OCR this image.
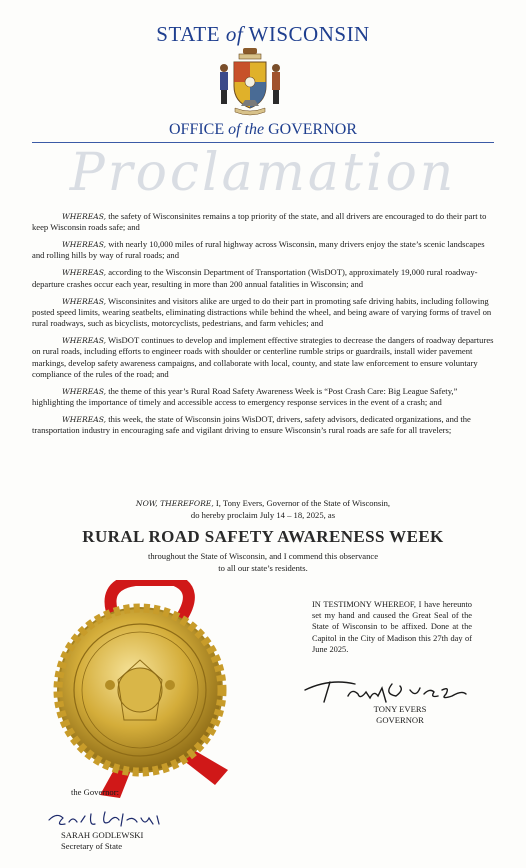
STATE of WISCONSIN
OFFICE of the GOVERNOR
Proclamation

WHEREAS, the safety of Wisconsinites remains a top priority of the state, and all drivers are encouraged to do their part to keep Wisconsin roads safe; and

WHEREAS, with nearly 10,000 miles of rural highway across Wisconsin, many drivers enjoy the state’s scenic landscapes and rolling hills by way of rural roads; and

WHEREAS, according to the Wisconsin Department of Transportation (WisDOT), approximately 19,000 rural roadway-departure crashes occur each year, resulting in more than 200 annual fatalities in Wisconsin; and

WHEREAS, Wisconsinites and visitors alike are urged to do their part in promoting safe driving habits, including following posted speed limits, wearing seatbelts, eliminating distractions while behind the wheel, and being aware of varying forms of travel on rural roadways, such as bicyclists, motorcyclists, pedestrians, and farm vehicles; and

WHEREAS, WisDOT continues to develop and implement effective strategies to decrease the dangers of roadway departures on rural roads, including efforts to engineer roads with shoulder or centerline rumble strips or guardrails, install wider pavement markings, develop safety awareness campaigns, and collaborate with local, county, and state law enforcement to ensure voluntary compliance of the rules of the road; and

WHEREAS, the theme of this year’s Rural Road Safety Awareness Week is “Post Crash Care: Big League Safety,” highlighting the importance of timely and accessible access to emergency response services in the event of a crash; and

WHEREAS, this week, the state of Wisconsin joins WisDOT, drivers, safety advisors, dedicated organizations, and the transportation industry in encouraging safe and vigilant driving to ensure Wisconsin’s rural roads are safe for all travelers;

NOW, THEREFORE, I, Tony Evers, Governor of the State of Wisconsin,
do hereby proclaim July 14 – 18, 2025, as
RURAL ROAD SAFETY AWARENESS WEEK
throughout the State of Wisconsin, and I commend this observance
to all our state’s residents.
IN TESTIMONY WHEREOF, I have hereunto set my hand and caused the Great Seal of the State of Wisconsin to be affixed. Done at the Capitol in the City of Madison this 27th day of June 2025.
TONY EVERS
GOVERNOR
the Governor:
SARAH GODLEWSKI
Secretary of State
